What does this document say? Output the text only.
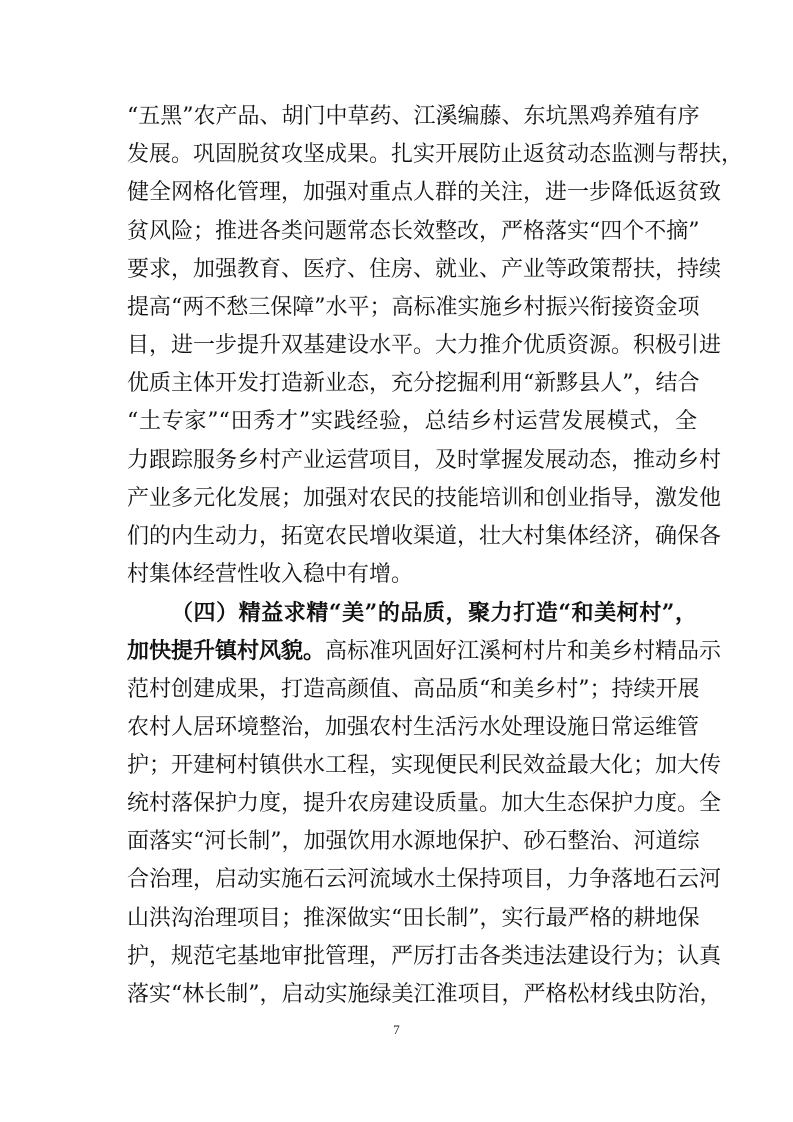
“五黑”农产品、胡门中草药、江溪编藤、东坑黑鸡养殖有序
发展。巩固脱贫攻坚成果。扎实开展防止返贫动态监测与帮扶，
健全网格化管理，加强对重点人群的关注，进一步降低返贫致
贫风险；推进各类问题常态长效整改，严格落实“四个不摘”
要求，加强教育、医疗、住房、就业、产业等政策帮扶，持续
提高“两不愁三保障”水平；高标准实施乡村振兴衔接资金项
目，进一步提升双基建设水平。大力推介优质资源。积极引进
优质主体开发打造新业态，充分挖掘利用“新黟县人”，结合
“土专家”“田秀才”实践经验，总结乡村运营发展模式，全
力跟踪服务乡村产业运营项目，及时掌握发展动态，推动乡村
产业多元化发展；加强对农民的技能培训和创业指导，激发他
们的内生动力，拓宽农民增收渠道，壮大村集体经济，确保各
村集体经营性收入稳中有增。
（四）精益求精“美”的品质，聚力打造“和美柯村”，
加快提升镇村风貌。高标准巩固好江溪柯村片和美乡村精品示
范村创建成果，打造高颜值、高品质“和美乡村”；持续开展
农村人居环境整治，加强农村生活污水处理设施日常运维管
护；开建柯村镇供水工程，实现便民利民效益最大化；加大传
统村落保护力度，提升农房建设质量。加大生态保护力度。全
面落实“河长制”，加强饮用水源地保护、砂石整治、河道综
合治理，启动实施石云河流域水土保持项目，力争落地石云河
山洪沟治理项目；推深做实“田长制”，实行最严格的耕地保
护，规范宅基地审批管理，严厉打击各类违法建设行为；认真
落实“林长制”，启动实施绿美江淮项目，严格松材线虫防治，
7
